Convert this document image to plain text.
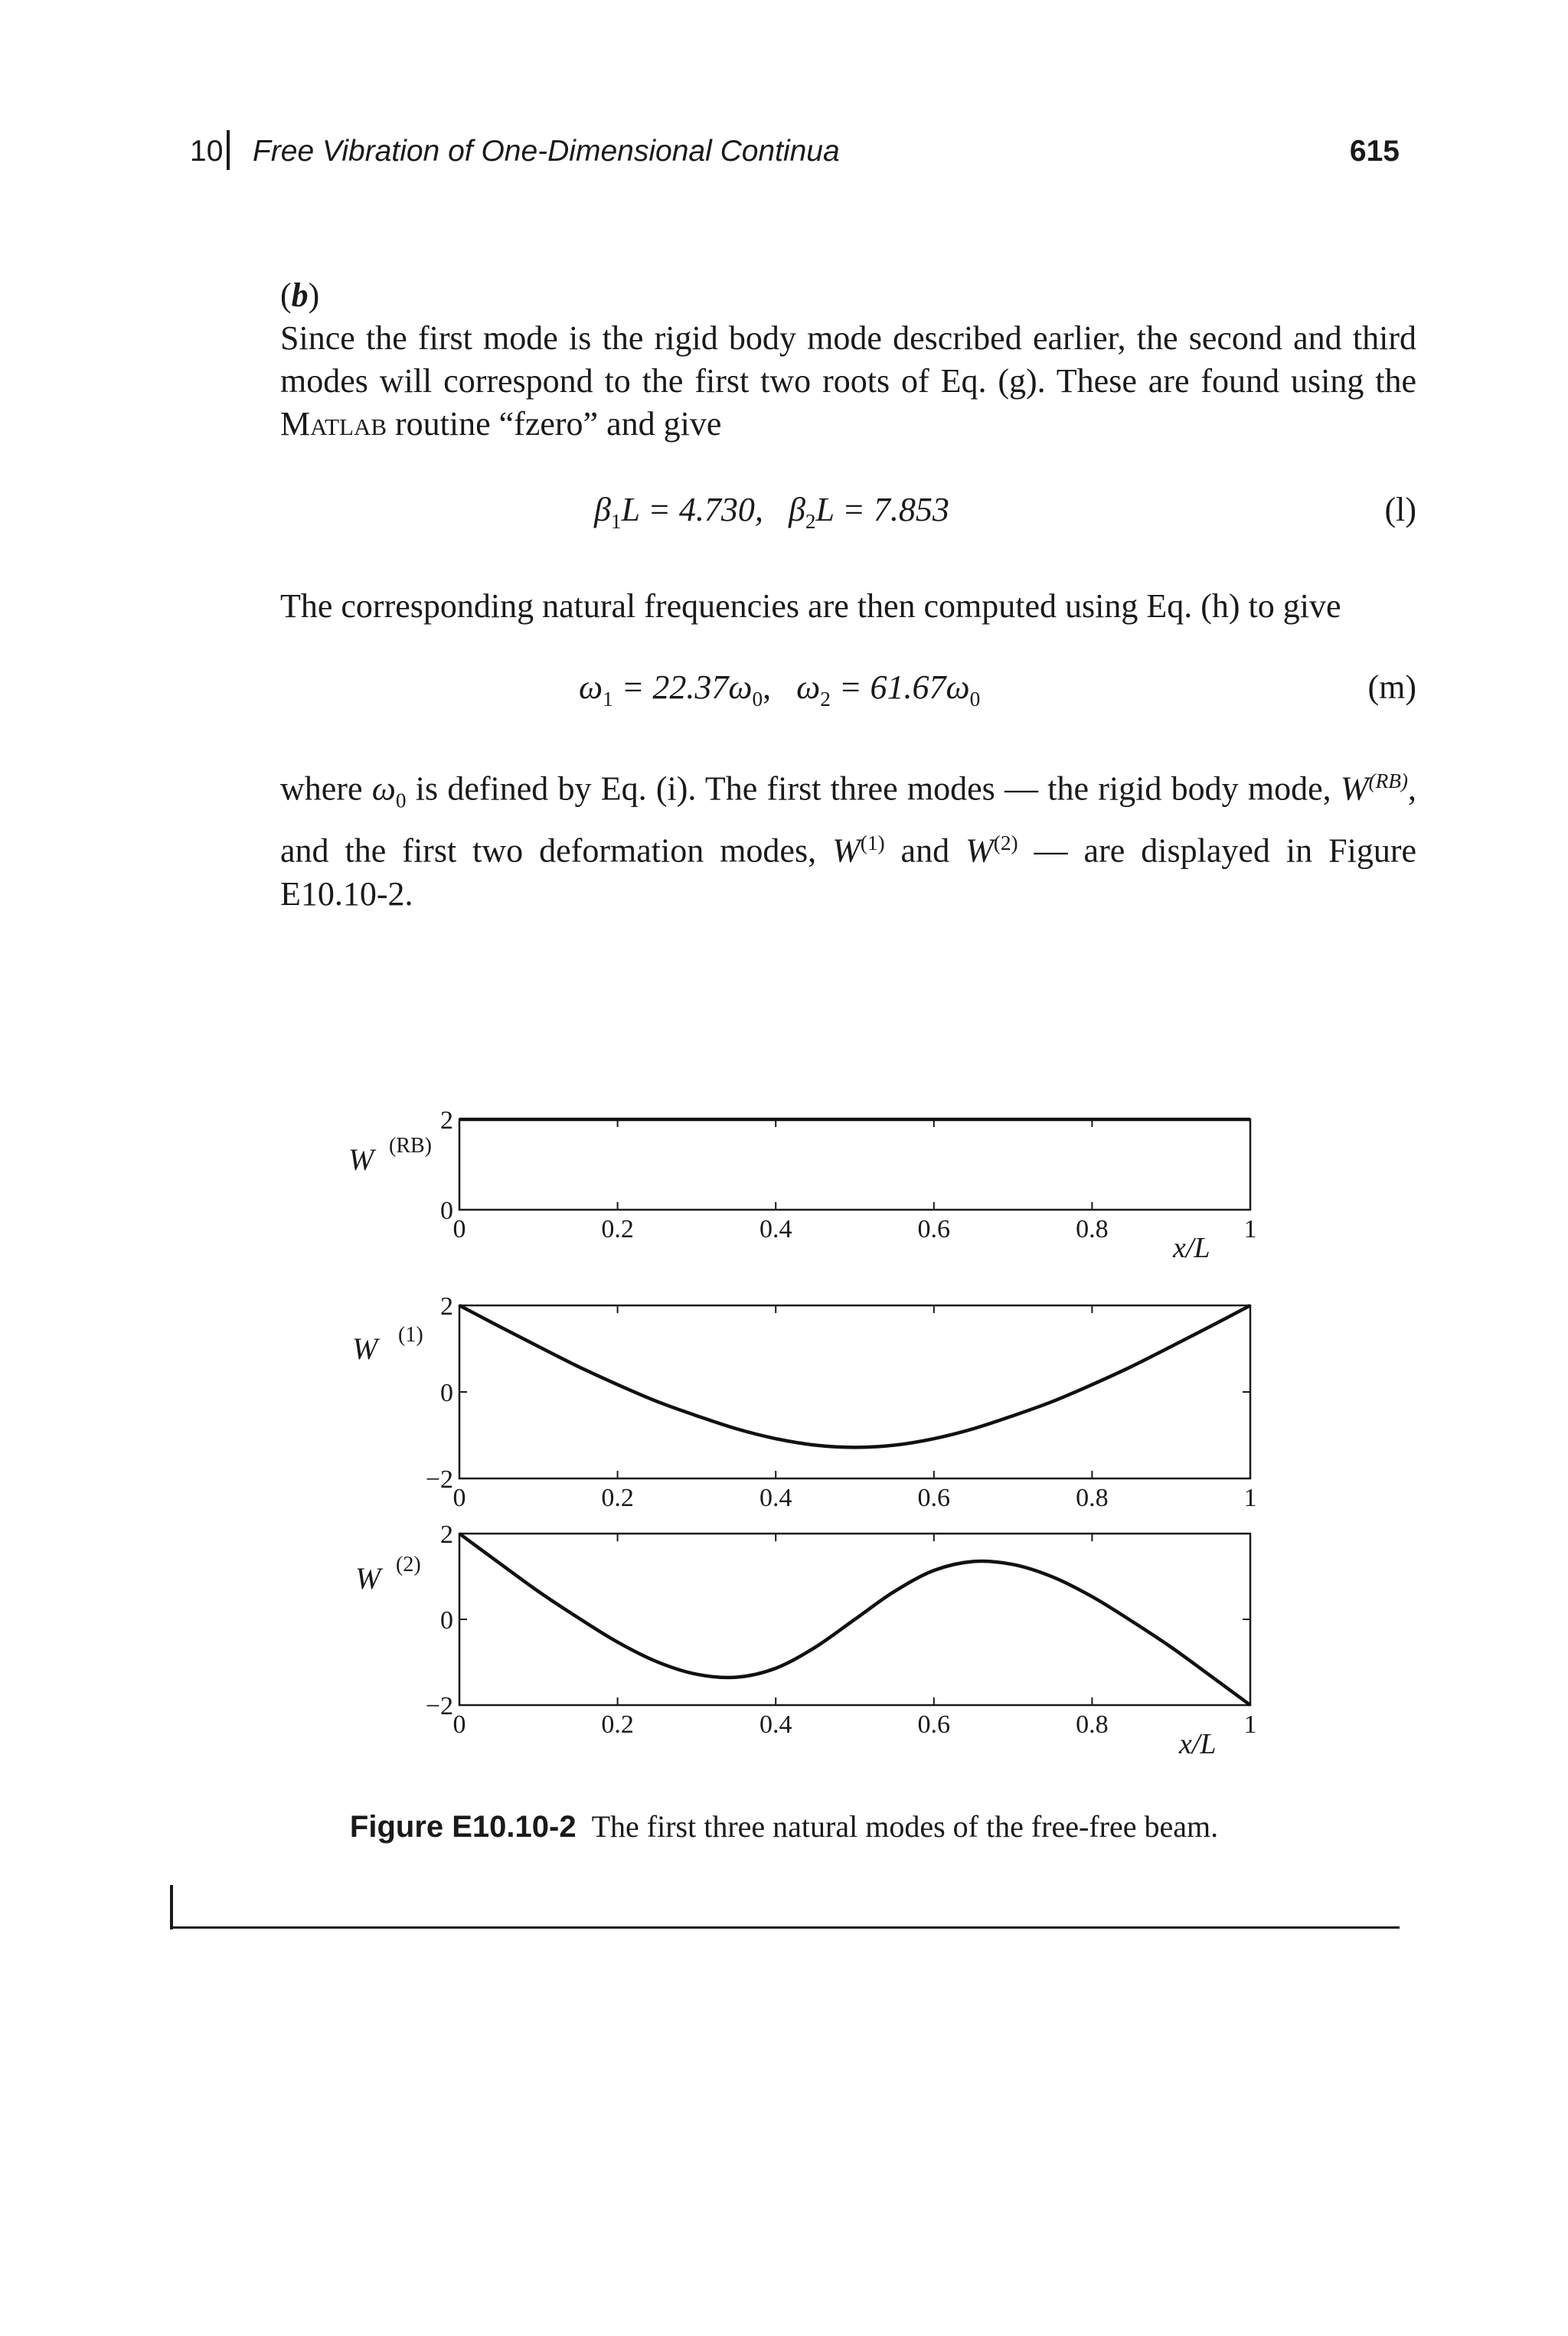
10 Free Vibration of One-Dimensional Continua	615
(b)

Since the first mode is the rigid body mode described earlier, the second and third modes will correspond to the first two roots of Eq. (g). These are found using the Matlab routine “fzero” and give

$\beta_1L = 4.730$, $\beta_2L = 7.853$	(l)

The corresponding natural frequencies are then computed using Eq. (h) to give

$\omega_1 = 22.37\omega_0$, $\omega_2 = 61.67\omega_0$	(m)

where $\omega_0$ is defined by Eq. (i). The first three modes — the rigid body mode, $W^{(RB)}$, and the first two deformation modes, $W^{(1)}$ and $W^{(2)}$ — are displayed in Figure E10.10-2.

0	0.2	0.4	0.6	0.8	1
0
2
W (RB)
x/L
0	0.2	0.4	0.6	0.8	1
−2
0
2
W (1)
0	0.2	0.4	0.6	0.8	1
−2
0
2
W (2)
x/L
Figure E10.10-2 The first three natural modes of the free-free beam.
